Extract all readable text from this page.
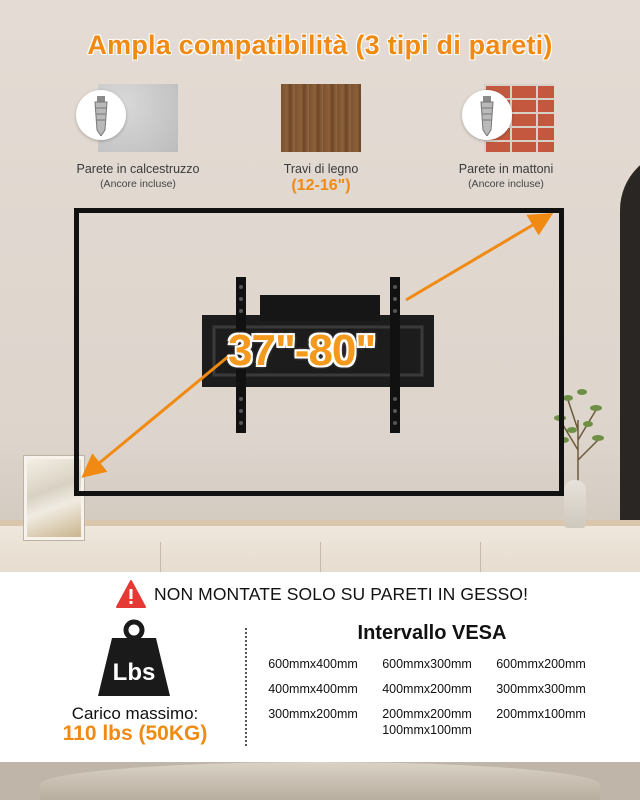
Ampla compatibilità (3 tipi di pareti)
Parete in calcestruzzo
(Ancore incluse)
Travi di legno
(12-16")
Parete in mattoni
(Ancore incluse)
37"-80"
NON MONTATE SOLO SU PARETI IN GESSO!
Lbs
Carico massimo:
110 lbs (50KG)
Intervallo VESA
600mmx400mm	600mmx300mm	600mmx200mm
400mmx400mm	400mmx200mm	300mmx300mm
300mmx200mm	200mmx200mm	200mmx100mm
100mmx100mm
